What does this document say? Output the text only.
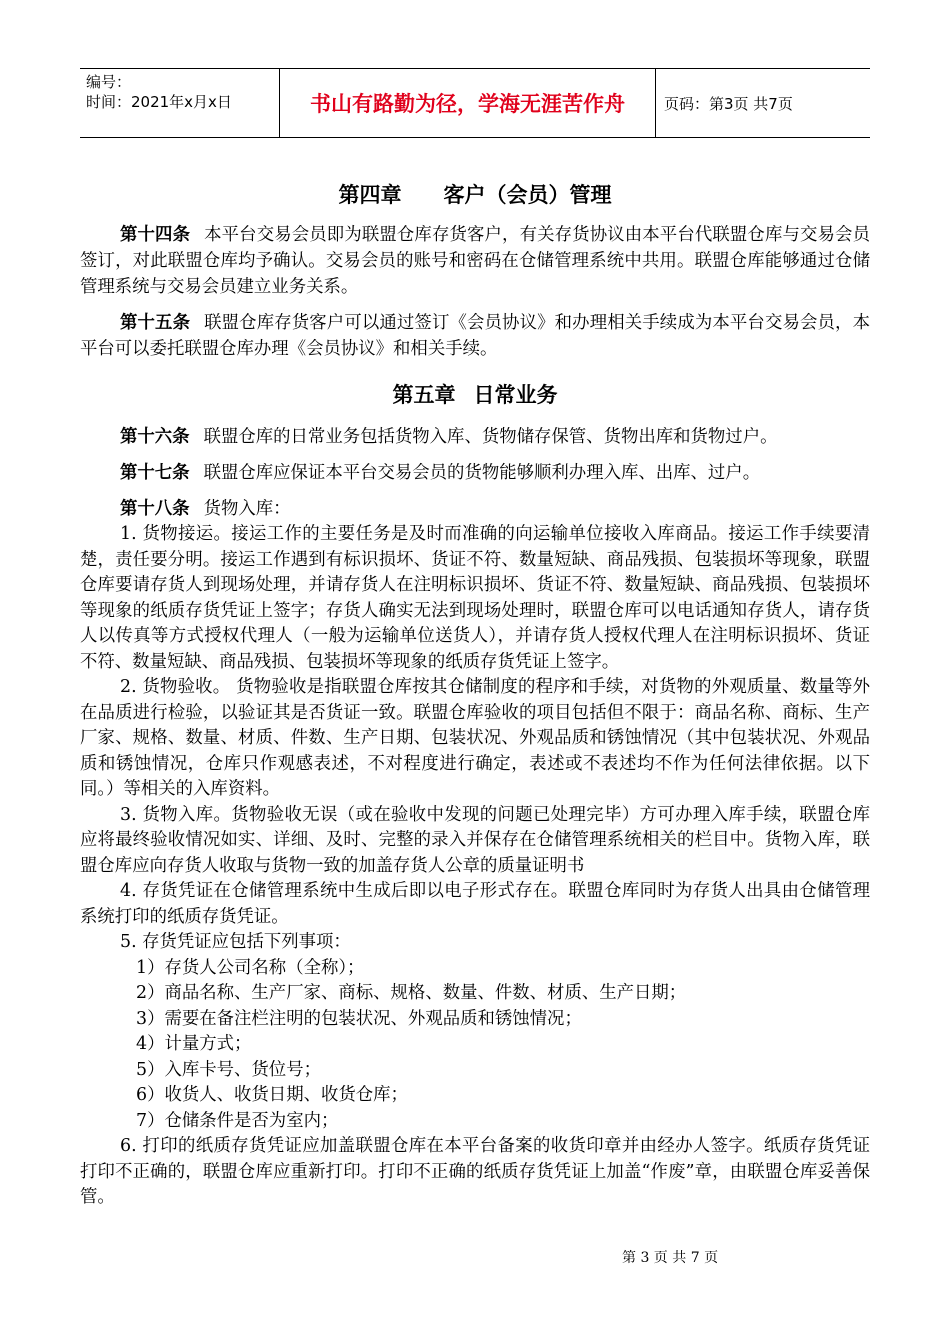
编号：
时间：2021年x月x日	书山有路勤为径，学海无涯苦作舟	页码：第3页 共7页
第四章 客户（会员）管理

第十四条 本平台交易会员即为联盟仓库存货客户，有关存货协议由本平台代联盟仓库与交易会员签订，对此联盟仓库均予确认。交易会员的账号和密码在仓储管理系统中共用。联盟仓库能够通过仓储管理系统与交易会员建立业务关系。

第十五条 联盟仓库存货客户可以通过签订《会员协议》和办理相关手续成为本平台交易会员，本平台可以委托联盟仓库办理《会员协议》和相关手续。

第五章 日常业务

第十六条 联盟仓库的日常业务包括货物入库、货物储存保管、货物出库和货物过户。

第十七条 联盟仓库应保证本平台交易会员的货物能够顺利办理入库、出库、过户。

第十八条 货物入库：

1. 货物接运。接运工作的主要任务是及时而准确的向运输单位接收入库商品。接运工作手续要清楚，责任要分明。接运工作遇到有标识损坏、货证不符、数量短缺、商品残损、包装损坏等现象，联盟仓库要请存货人到现场处理，并请存货人在注明标识损坏、货证不符、数量短缺、商品残损、包装损坏等现象的纸质存货凭证上签字；存货人确实无法到现场处理时，联盟仓库可以电话通知存货人，请存货人以传真等方式授权代理人（一般为运输单位送货人），并请存货人授权代理人在注明标识损坏、货证不符、数量短缺、商品残损、包装损坏等现象的纸质存货凭证上签字。

2. 货物验收。 货物验收是指联盟仓库按其仓储制度的程序和手续，对货物的外观质量、数量等外在品质进行检验，以验证其是否货证一致。联盟仓库验收的项目包括但不限于：商品名称、商标、生产厂家、规格、数量、材质、件数、生产日期、包装状况、外观品质和锈蚀情况（其中包装状况、外观品质和锈蚀情况，仓库只作观感表述，不对程度进行确定，表述或不表述均不作为任何法律依据。以下同。）等相关的入库资料。

3. 货物入库。货物验收无误（或在验收中发现的问题已处理完毕）方可办理入库手续，联盟仓库应将最终验收情况如实、详细、及时、完整的录入并保存在仓储管理系统相关的栏目中。货物入库，联盟仓库应向存货人收取与货物一致的加盖存货人公章的质量证明书

4. 存货凭证在仓储管理系统中生成后即以电子形式存在。联盟仓库同时为存货人出具由仓储管理系统打印的纸质存货凭证。

5. 存货凭证应包括下列事项：

1）存货人公司名称（全称）；

2）商品名称、生产厂家、商标、规格、数量、件数、材质、生产日期；

3）需要在备注栏注明的包装状况、外观品质和锈蚀情况；

4）计量方式；

5）入库卡号、货位号；

6）收货人、收货日期、收货仓库；

7）仓储条件是否为室内；

6. 打印的纸质存货凭证应加盖联盟仓库在本平台备案的收货印章并由经办人签字。纸质存货凭证打印不正确的，联盟仓库应重新打印。打印不正确的纸质存货凭证上加盖“作废”章，由联盟仓库妥善保管。

第 3 页 共 7 页
